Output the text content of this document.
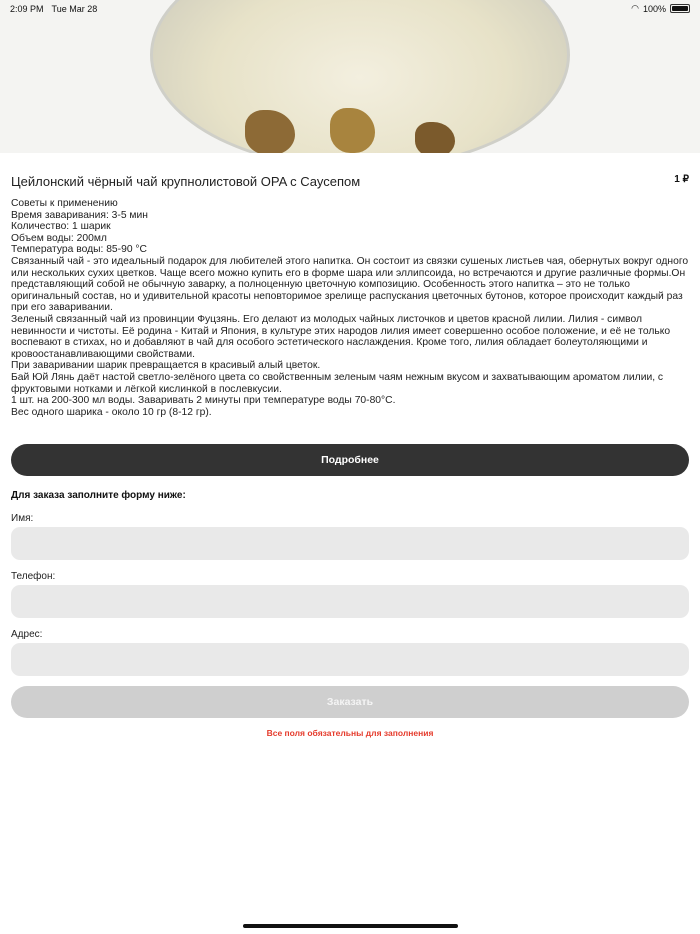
2:09 PM Tue Mar 28	◠ 100%
Цейлонский чёрный чай крупнолистовой OPA с Саусепом	1 ₽
Советы к применению
Время заваривания: 3-5 мин
Количество: 1 шарик
Объем воды: 200мл
Температура воды: 85-90 °С
Связанный чай - это идеальный подарок для любителей этого напитка. Он состоит из связки сушеных листьев чая, обернутых вокруг одного или нескольких сухих цветков. Чаще всего можно купить его в форме шара или эллипсоида, но встречаются и другие различные формы.Он представляющий собой не обычную заварку, а полноценную цветочную композицию. Особенность этого напитка – это не только оригинальный состав, но и удивительной красоты неповторимое зрелище распускания цветочных бутонов, которое происходит каждый раз при его заваривании.
Зеленый связанный чай из провинции Фуцзянь. Его делают из молодых чайных листочков и цветов красной лилии. Лилия - символ невинности и чистоты. Её родина - Китай и Япония, в культуре этих народов лилия имеет совершенно особое положение, и её не только воспевают в стихах, но и добавляют в чай для особого эстетического наслаждения. Кроме того, лилия обладает болеутоляющими и кровоостанавливающими свойствами.
При заваривании шарик превращается в красивый алый цветок.
Бай Юй Лянь даёт настой светло-зелёного цвета со свойственным зеленым чаям нежным вкусом и захватывающим ароматом лилии, с фруктовыми нотками и лёгкой кислинкой в послевкусии.
1 шт. на 200-300 мл воды. Заваривать 2 минуты при температуре воды 70-80°С.
Вес одного шарика - около 10 гр (8-12 гр).
Подробнее
Для заказа заполните форму ниже:
Имя:
Телефон:
Адрес:
Заказать
Все поля обязательны для заполнения
